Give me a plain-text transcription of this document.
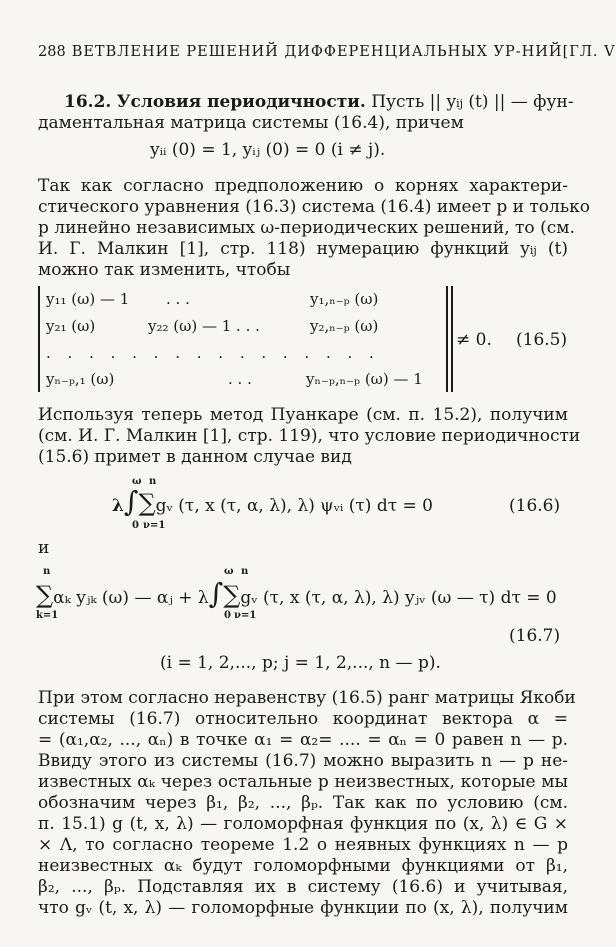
288 ВЕТВЛЕНИЕ РЕШЕНИЙ ДИФФЕРЕНЦИАЛЬНЫХ УР-НИЙ [ГЛ. V
16.2. Условия периодичности. Пусть || yij (t) || — фун-
даментальная матрица системы (16.4), причем
yᵢᵢ (0) = 1, yᵢⱼ (0) = 0 (i ≠ j).
Так как согласно предположению о корнях характери-
стического уравнения (16.3) система (16.4) имеет p и только
p линейно независимых ω-периодических решений, то (см.
И. Г. Малкин [1], стр. 118) нумерацию функций yij (t)
можно так изменить, чтобы
y₁₁ (ω) — 1 . . .	y₁,ₙ₋ₚ (ω)
y₂₁ (ω)	y₂₂ (ω) — 1 . . .	y₂,ₙ₋ₚ (ω)
. . . . . . . . . . . . . . . .
yₙ₋ₚ,₁ (ω)	. . .	yₙ₋ₚ,ₙ₋ₚ (ω) — 1
≠ 0. (16.5)
Используя теперь метод Пуанкаре (см. п. 15.2), получим
(см. И. Г. Малкин [1], стр. 119), что условие периодичности
(15.6) примет в данном случае вид
ω
0
n
ν=1
λ∫∑gᵥ (τ, x (τ, α, λ), λ) ψᵥᵢ (τ) dτ = 0	(16.6)
и
n
k=1
ω
0
n
ν=1
∑αₖ yⱼₖ (ω) — αⱼ + λ∫∑gᵥ (τ, x (τ, α, λ), λ) yⱼᵥ (ω — τ) dτ = 0
(16.7)
(i = 1, 2,..., p; j = 1, 2,..., n — p).
При этом согласно неравенству (16.5) ранг матрицы Якоби
системы (16.7) относительно координат вектора α =
= (α₁,α₂, ..., αₙ) в точке α₁ = α₂= .... = αₙ = 0 равен n — p.
Ввиду этого из системы (16.7) можно выразить n — p не-
известных αₖ через остальные p неизвестных, которые мы
обозначим через β₁, β₂, ..., βₚ. Так как по условию (см.
п. 15.1) g (t, x, λ) — голоморфная функция по (x, λ) ∈ G ×
× Λ, то согласно теореме 1.2 о неявных функциях n — p
неизвестных αₖ будут голоморфными функциями от β₁,
β₂, ..., βₚ. Подставляя их в систему (16.6) и учитывая,
что gᵥ (t, x, λ) — голоморфные функции по (x, λ), получим
